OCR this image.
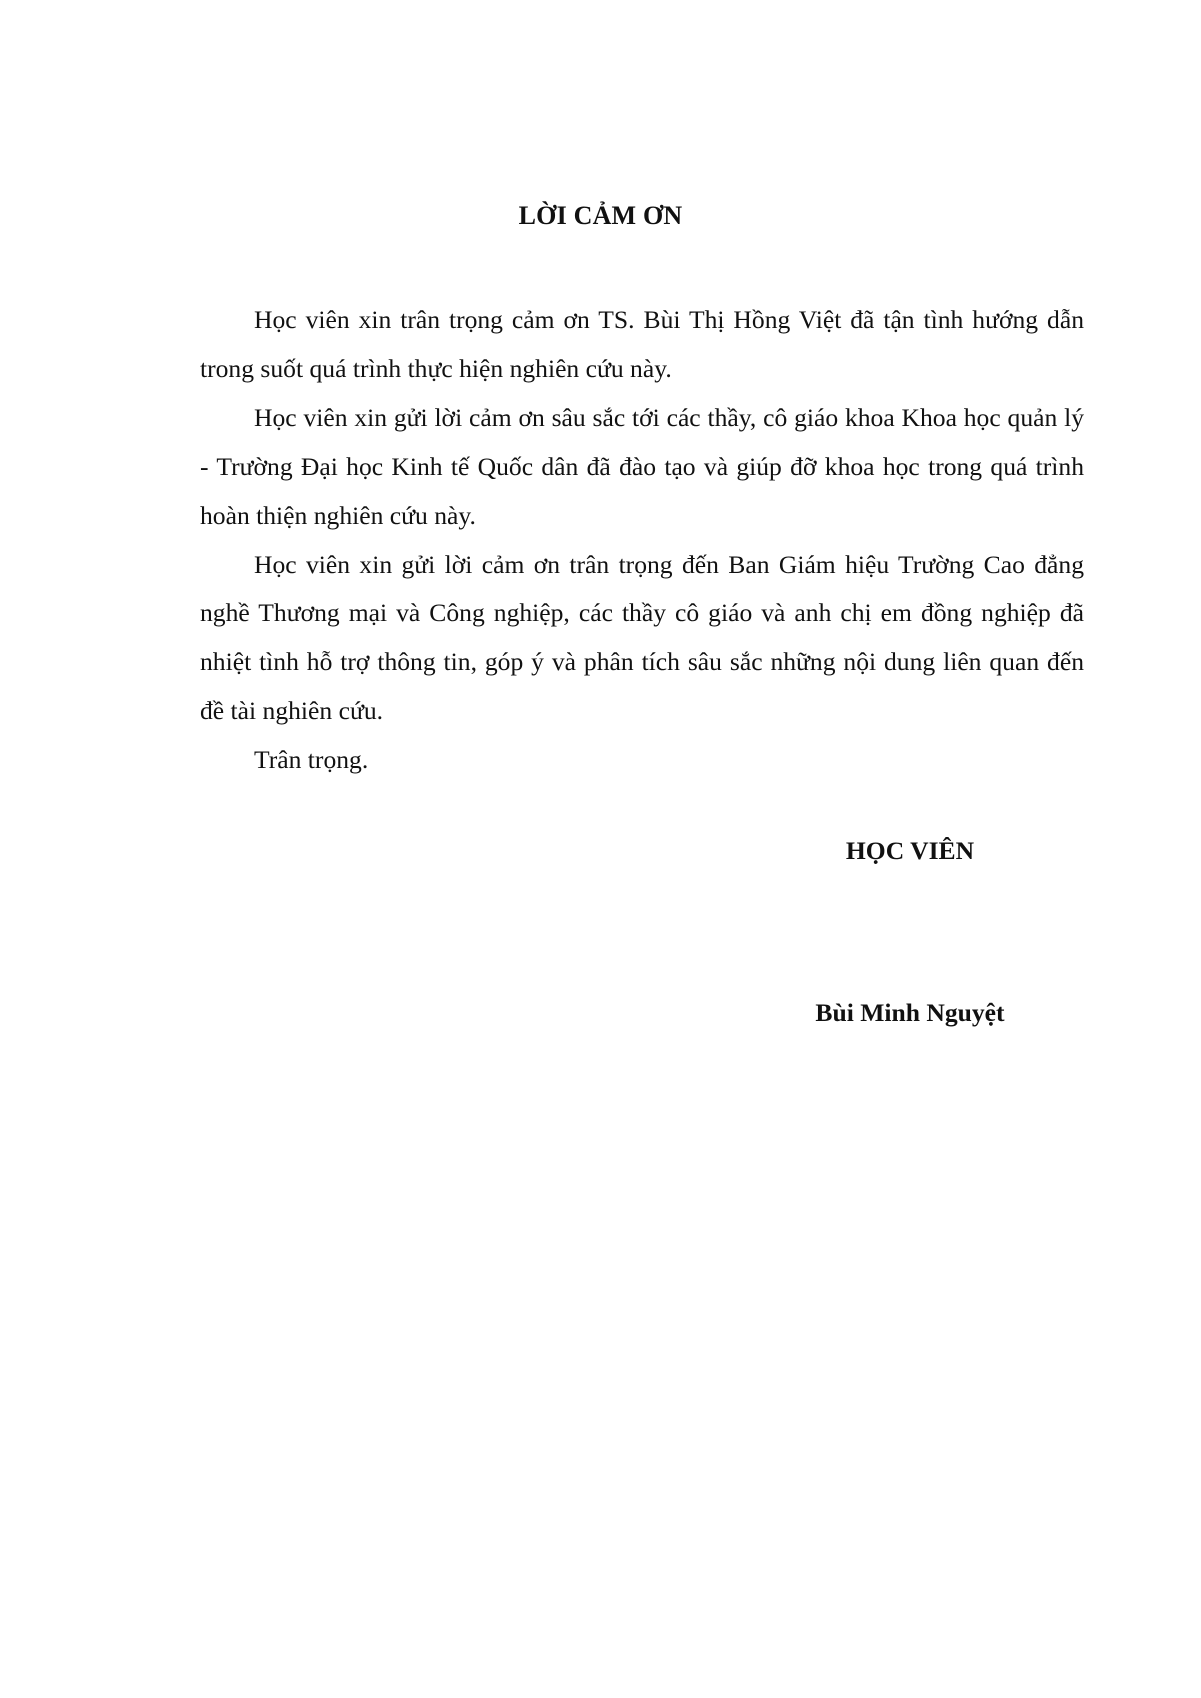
LỜI CẢM ƠN

Học viên xin trân trọng cảm ơn TS. Bùi Thị Hồng Việt đã tận tình hướng dẫn trong suốt quá trình thực hiện nghiên cứu này.

Học viên xin gửi lời cảm ơn sâu sắc tới các thầy, cô giáo khoa Khoa học quản lý - Trường Đại học Kinh tế Quốc dân đã đào tạo và giúp đỡ khoa học trong quá trình hoàn thiện nghiên cứu này.

Học viên xin gửi lời cảm ơn trân trọng đến Ban Giám hiệu Trường Cao đẳng nghề Thương mại và Công nghiệp, các thầy cô giáo và anh chị em đồng nghiệp đã nhiệt tình hỗ trợ thông tin, góp ý và phân tích sâu sắc những nội dung liên quan đến đề tài nghiên cứu.

Trân trọng.

HỌC VIÊN
Bùi Minh Nguyệt
